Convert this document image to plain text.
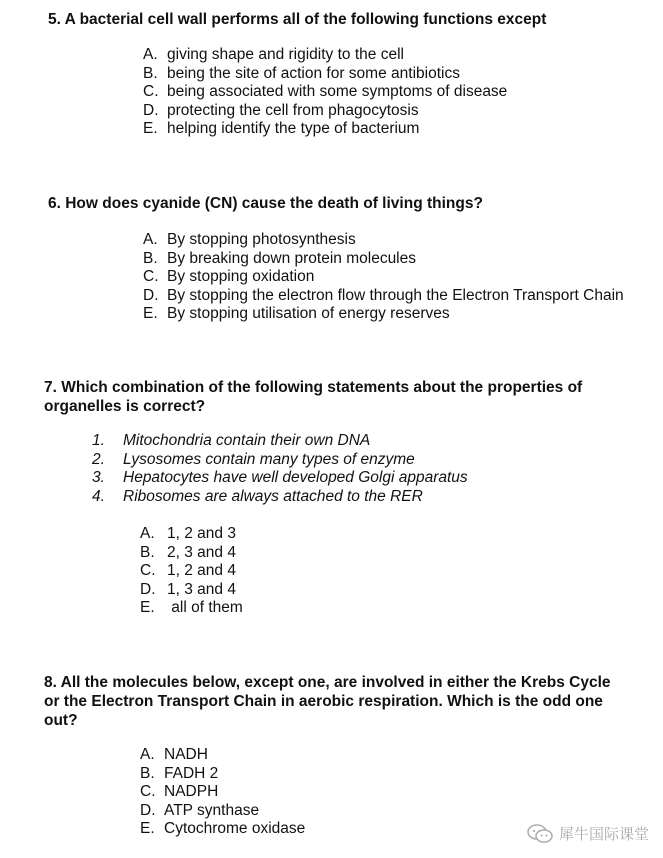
5. A bacterial cell wall performs all of the following functions except

A. giving shape and rigidity to the cell
B. being the site of action for some antibiotics
C. being associated with some symptoms of disease
D. protecting the cell from phagocytosis
E. helping identify the type of bacterium

6. How does cyanide (CN) cause the death of living things?

A. By stopping photosynthesis
B. By breaking down protein molecules
C. By stopping oxidation
D. By stopping the electron flow through the Electron Transport Chain
E. By stopping utilisation of energy reserves

7. Which combination of the following statements about the properties of

organelles is correct?

1.	Mitochondria contain their own DNA
2.	Lysosomes contain many types of enzyme
3.	Hepatocytes have well developed Golgi apparatus
4.	Ribosomes are always attached to the RER
A. 1, 2 and 3
B. 2, 3 and 4
C. 1, 2 and 4
D. 1, 3 and 4
E. all of them

8. All the molecules below, except one, are involved in either the Krebs Cycle

or the Electron Transport Chain in aerobic respiration. Which is the odd one

out?

A. NADH
B. FADH 2
C. NADPH
D. ATP synthase
E. Cytochrome oxidase	犀牛国际课堂
